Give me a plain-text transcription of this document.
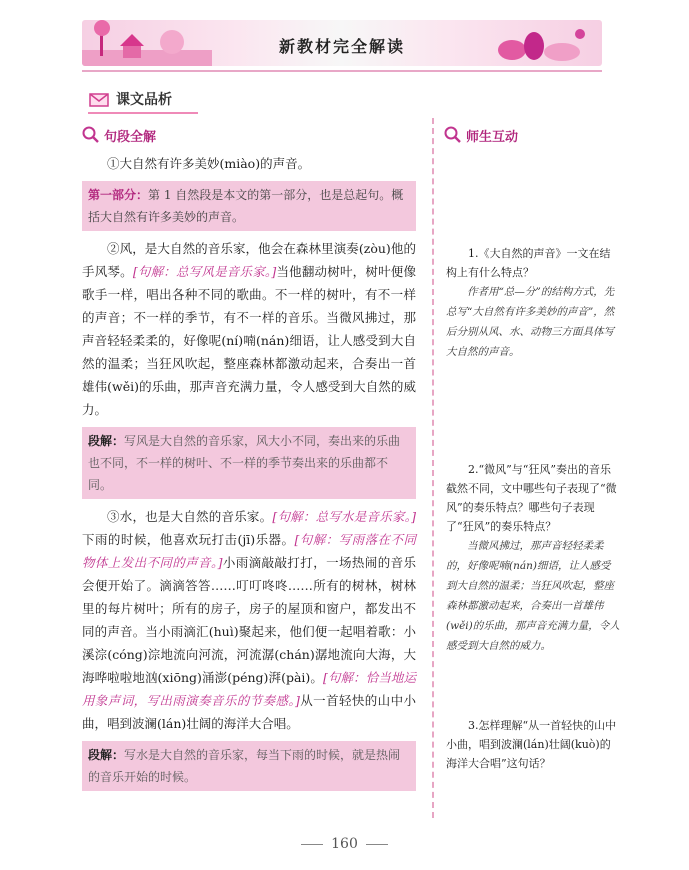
新教材完全解读
课文品析
句段全解

①大自然有许多美妙(miào)的声音。

第一部分：第 1 自然段是本文的第一部分，也是总起句。概括大自然有许多美妙的声音。

②风，是大自然的音乐家，他会在森林里演奏(zòu)他的手风琴。[句解：总写风是音乐家。]当他翻动树叶，树叶便像歌手一样，唱出各种不同的歌曲。不一样的树叶，有不一样的声音；不一样的季节，有不一样的音乐。当微风拂过，那声音轻轻柔柔的，好像呢(ní)喃(nán)细语，让人感受到大自然的温柔；当狂风吹起，整座森林都激动起来，合奏出一首雄伟(wěi)的乐曲，那声音充满力量，令人感受到大自然的威力。

段解：写风是大自然的音乐家，风大小不同，奏出来的乐曲也不同，不一样的树叶、不一样的季节奏出来的乐曲都不同。

③水，也是大自然的音乐家。[句解：总写水是音乐家。]下雨的时候，他喜欢玩打击(jī)乐器。[句解：写雨落在不同物体上发出不同的声音。]小雨滴敲敲打打，一场热闹的音乐会便开始了。滴滴答答……叮叮咚咚……所有的树林，树林里的每片树叶；所有的房子，房子的屋顶和窗户，都发出不同的声音。当小雨滴汇(huì)聚起来，他们便一起唱着歌：小溪淙(cóng)淙地流向河流，河流潺(chán)潺地流向大海，大海哗啦啦地汹(xiōng)涌澎(péng)湃(pài)。[句解：恰当地运用象声词，写出雨演奏音乐的节奏感。]从一首轻快的山中小曲，唱到波澜(lán)壮阔的海洋大合唱。

段解：写水是大自然的音乐家，每当下雨的时候，就是热闹的音乐开始的时候。
师生互动

1.《大自然的声音》一文在结构上有什么特点？

作者用“总—分”的结构方式，先总写“大自然有许多美妙的声音”，然后分别从风、水、动物三方面具体写大自然的声音。

2.“微风”与“狂风”奏出的音乐截然不同，文中哪些句子表现了“微风”的奏乐特点？哪些句子表现了“狂风”的奏乐特点？

当微风拂过，那声音轻轻柔柔的，好像呢喃(nán)细语，让人感受到大自然的温柔；当狂风吹起，整座森林都激动起来，合奏出一首雄伟(wěi)的乐曲，那声音充满力量，令人感受到大自然的威力。

3.怎样理解“从一首轻快的山中小曲，唱到波澜(lán)壮阔(kuò)的海洋大合唱”这句话？

160
